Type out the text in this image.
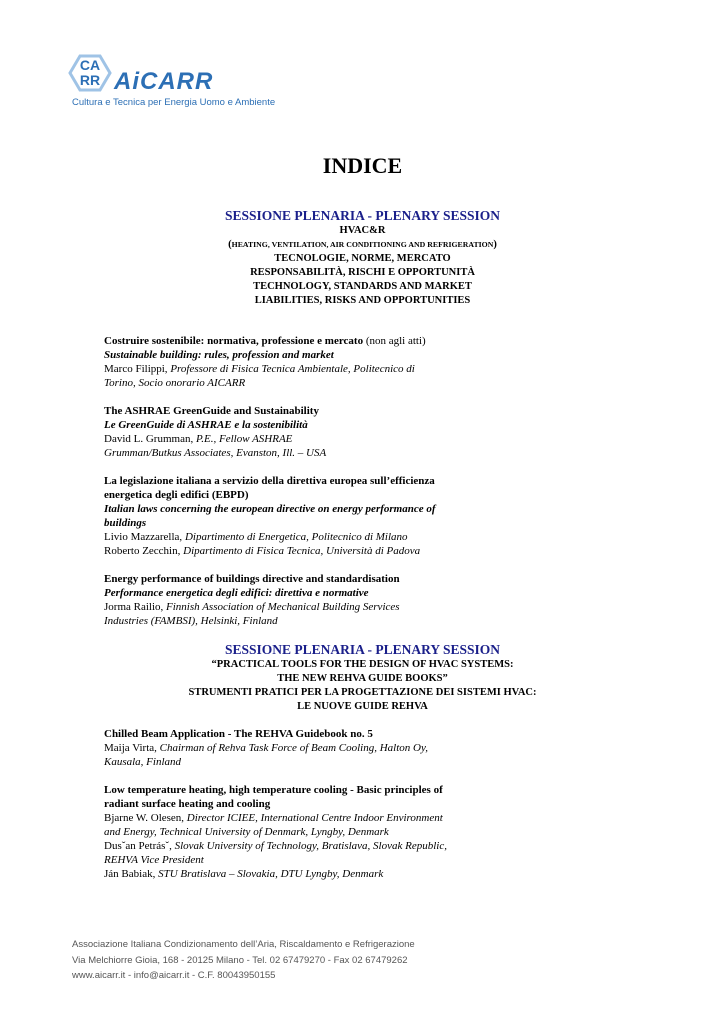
CA
RR AiCARR
Cultura e Tecnica per Energia Uomo e Ambiente
INDICE
SESSIONE PLENARIA - PLENARY SESSION
HVAC&R
(HEATING, VENTILATION, AIR CONDITIONING AND REFRIGERATION)
TECNOLOGIE, NORME, MERCATO
RESPONSABILITÀ, RISCHI E OPPORTUNITÀ
TECHNOLOGY, STANDARDS AND MARKET
LIABILITIES, RISKS AND OPPORTUNITIES
Costruire sostenibile: normativa, professione e mercato (non agli atti)
Sustainable building: rules, profession and market
Marco Filippi, Professore di Fisica Tecnica Ambientale, Politecnico di
Torino, Socio onorario AICARR
The ASHRAE GreenGuide and Sustainability
Le GreenGuide di ASHRAE e la sostenibilità
David L. Grumman, P.E., Fellow ASHRAE
Grumman/Butkus Associates, Evanston, Ill. – USA
La legislazione italiana a servizio della direttiva europea sull’efficienza
energetica degli edifici (EBPD)
Italian laws concerning the european directive on energy performance of
buildings
Livio Mazzarella, Dipartimento di Energetica, Politecnico di Milano
Roberto Zecchin, Dipartimento di Fisica Tecnica, Università di Padova
Energy performance of buildings directive and standardisation
Performance energetica degli edifici: direttiva e normative
Jorma Railio, Finnish Association of Mechanical Building Services
Industries (FAMBSI), Helsinki, Finland
SESSIONE PLENARIA - PLENARY SESSION
“PRACTICAL TOOLS FOR THE DESIGN OF HVAC SYSTEMS:
THE NEW REHVA GUIDE BOOKS”
STRUMENTI PRATICI PER LA PROGETTAZIONE DEI SISTEMI HVAC:
LE NUOVE GUIDE REHVA
Chilled Beam Application - The REHVA Guidebook no. 5
Maija Virta, Chairman of Rehva Task Force of Beam Cooling, Halton Oy,
Kausala, Finland
Low temperature heating, high temperature cooling - Basic principles of
radiant surface heating and cooling
Bjarne W. Olesen, Director ICIEE, International Centre Indoor Environment
and Energy, Technical University of Denmark, Lyngby, Denmark
Dusˇan Petrásˇ, Slovak University of Technology, Bratislava, Slovak Republic,
REHVA Vice President
Ján Babiak, STU Bratislava – Slovakia, DTU Lyngby, Denmark
Associazione Italiana Condizionamento dell’Aria, Riscaldamento e Refrigerazione
Via Melchiorre Gioia, 168 - 20125 Milano - Tel. 02 67479270 - Fax 02 67479262
www.aicarr.it - info@aicarr.it - C.F. 80043950155
